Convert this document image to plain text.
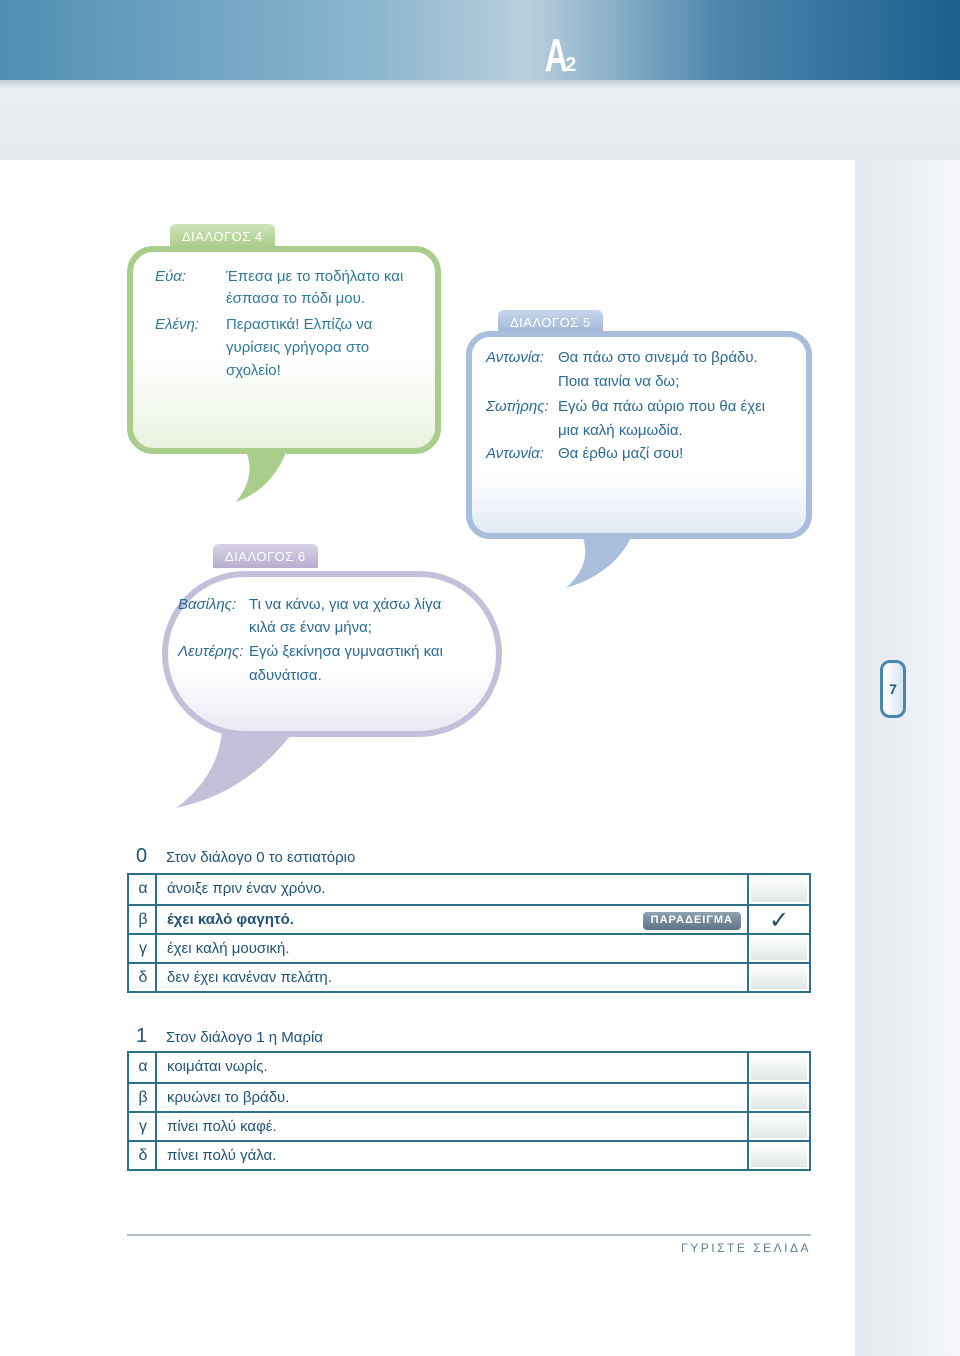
A2
7
ΔΙΑΛΟΓΟΣ 4
Εύα:	Έπεσα με το ποδήλατο και
έσπασα το πόδι μου.
Ελένη: Περαστικά! Ελπίζω να
γυρίσεις γρήγορα στο
σχολείο!
ΔΙΑΛΟΓΟΣ 5
Αντωνία: Θα πάω στο σινεμά το βράδυ.
Ποια ταινία να δω;
Σωτήρης: Εγώ θα πάω αύριο που θα έχει
μια καλή κωμωδία.
Αντωνία: Θα έρθω μαζί σου!
ΔΙΑΛΟΓΟΣ 6
Βασίλης: Τι να κάνω, για να χάσω λίγα
κιλά σε έναν μήνα;
Λευτέρης: Εγώ ξεκίνησα γυμναστική και
αδυνάτισα.
0 Στον διάλογο 0 το εστιατόριο
α	άνοιξε πριν έναν χρόνο.
β	έχει καλό φαγητό.	ΠΑΡΑΔΕΙΓΜΑ	✓
γ	έχει καλή μουσική.
δ	δεν έχει κανέναν πελάτη.
1 Στον διάλογο 1 η Μαρία
α	κοιμάται νωρίς.
β	κρυώνει το βράδυ.
γ	πίνει πολύ καφέ.
δ	πίνει πολύ γάλα.
ΓΥΡΙΣΤΕ ΣΕΛΙΔΑ
